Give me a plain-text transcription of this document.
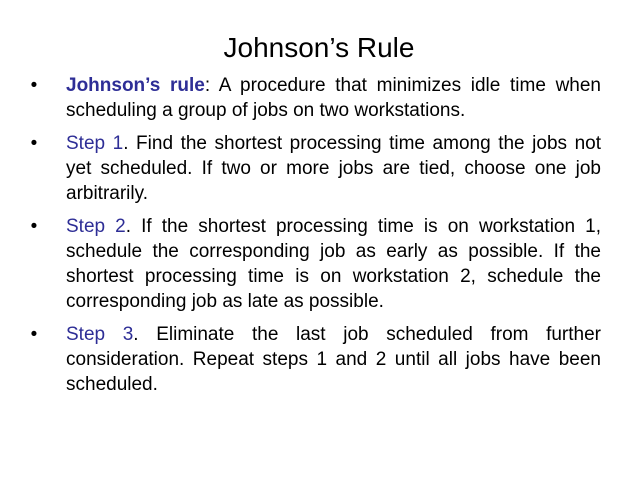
Johnson’s Rule
• Johnson’s rule: A procedure that minimizes idle time when scheduling a group of jobs on two workstations.
• Step 1. Find the shortest processing time among the jobs not yet scheduled. If two or more jobs are tied, choose one job arbitrarily.
• Step 2. If the shortest processing time is on workstation 1, schedule the corresponding job as early as possible. If the shortest processing time is on workstation 2, schedule the corresponding job as late as possible.
• Step 3. Eliminate the last job scheduled from further consideration. Repeat steps 1 and 2 until all jobs have been scheduled.
